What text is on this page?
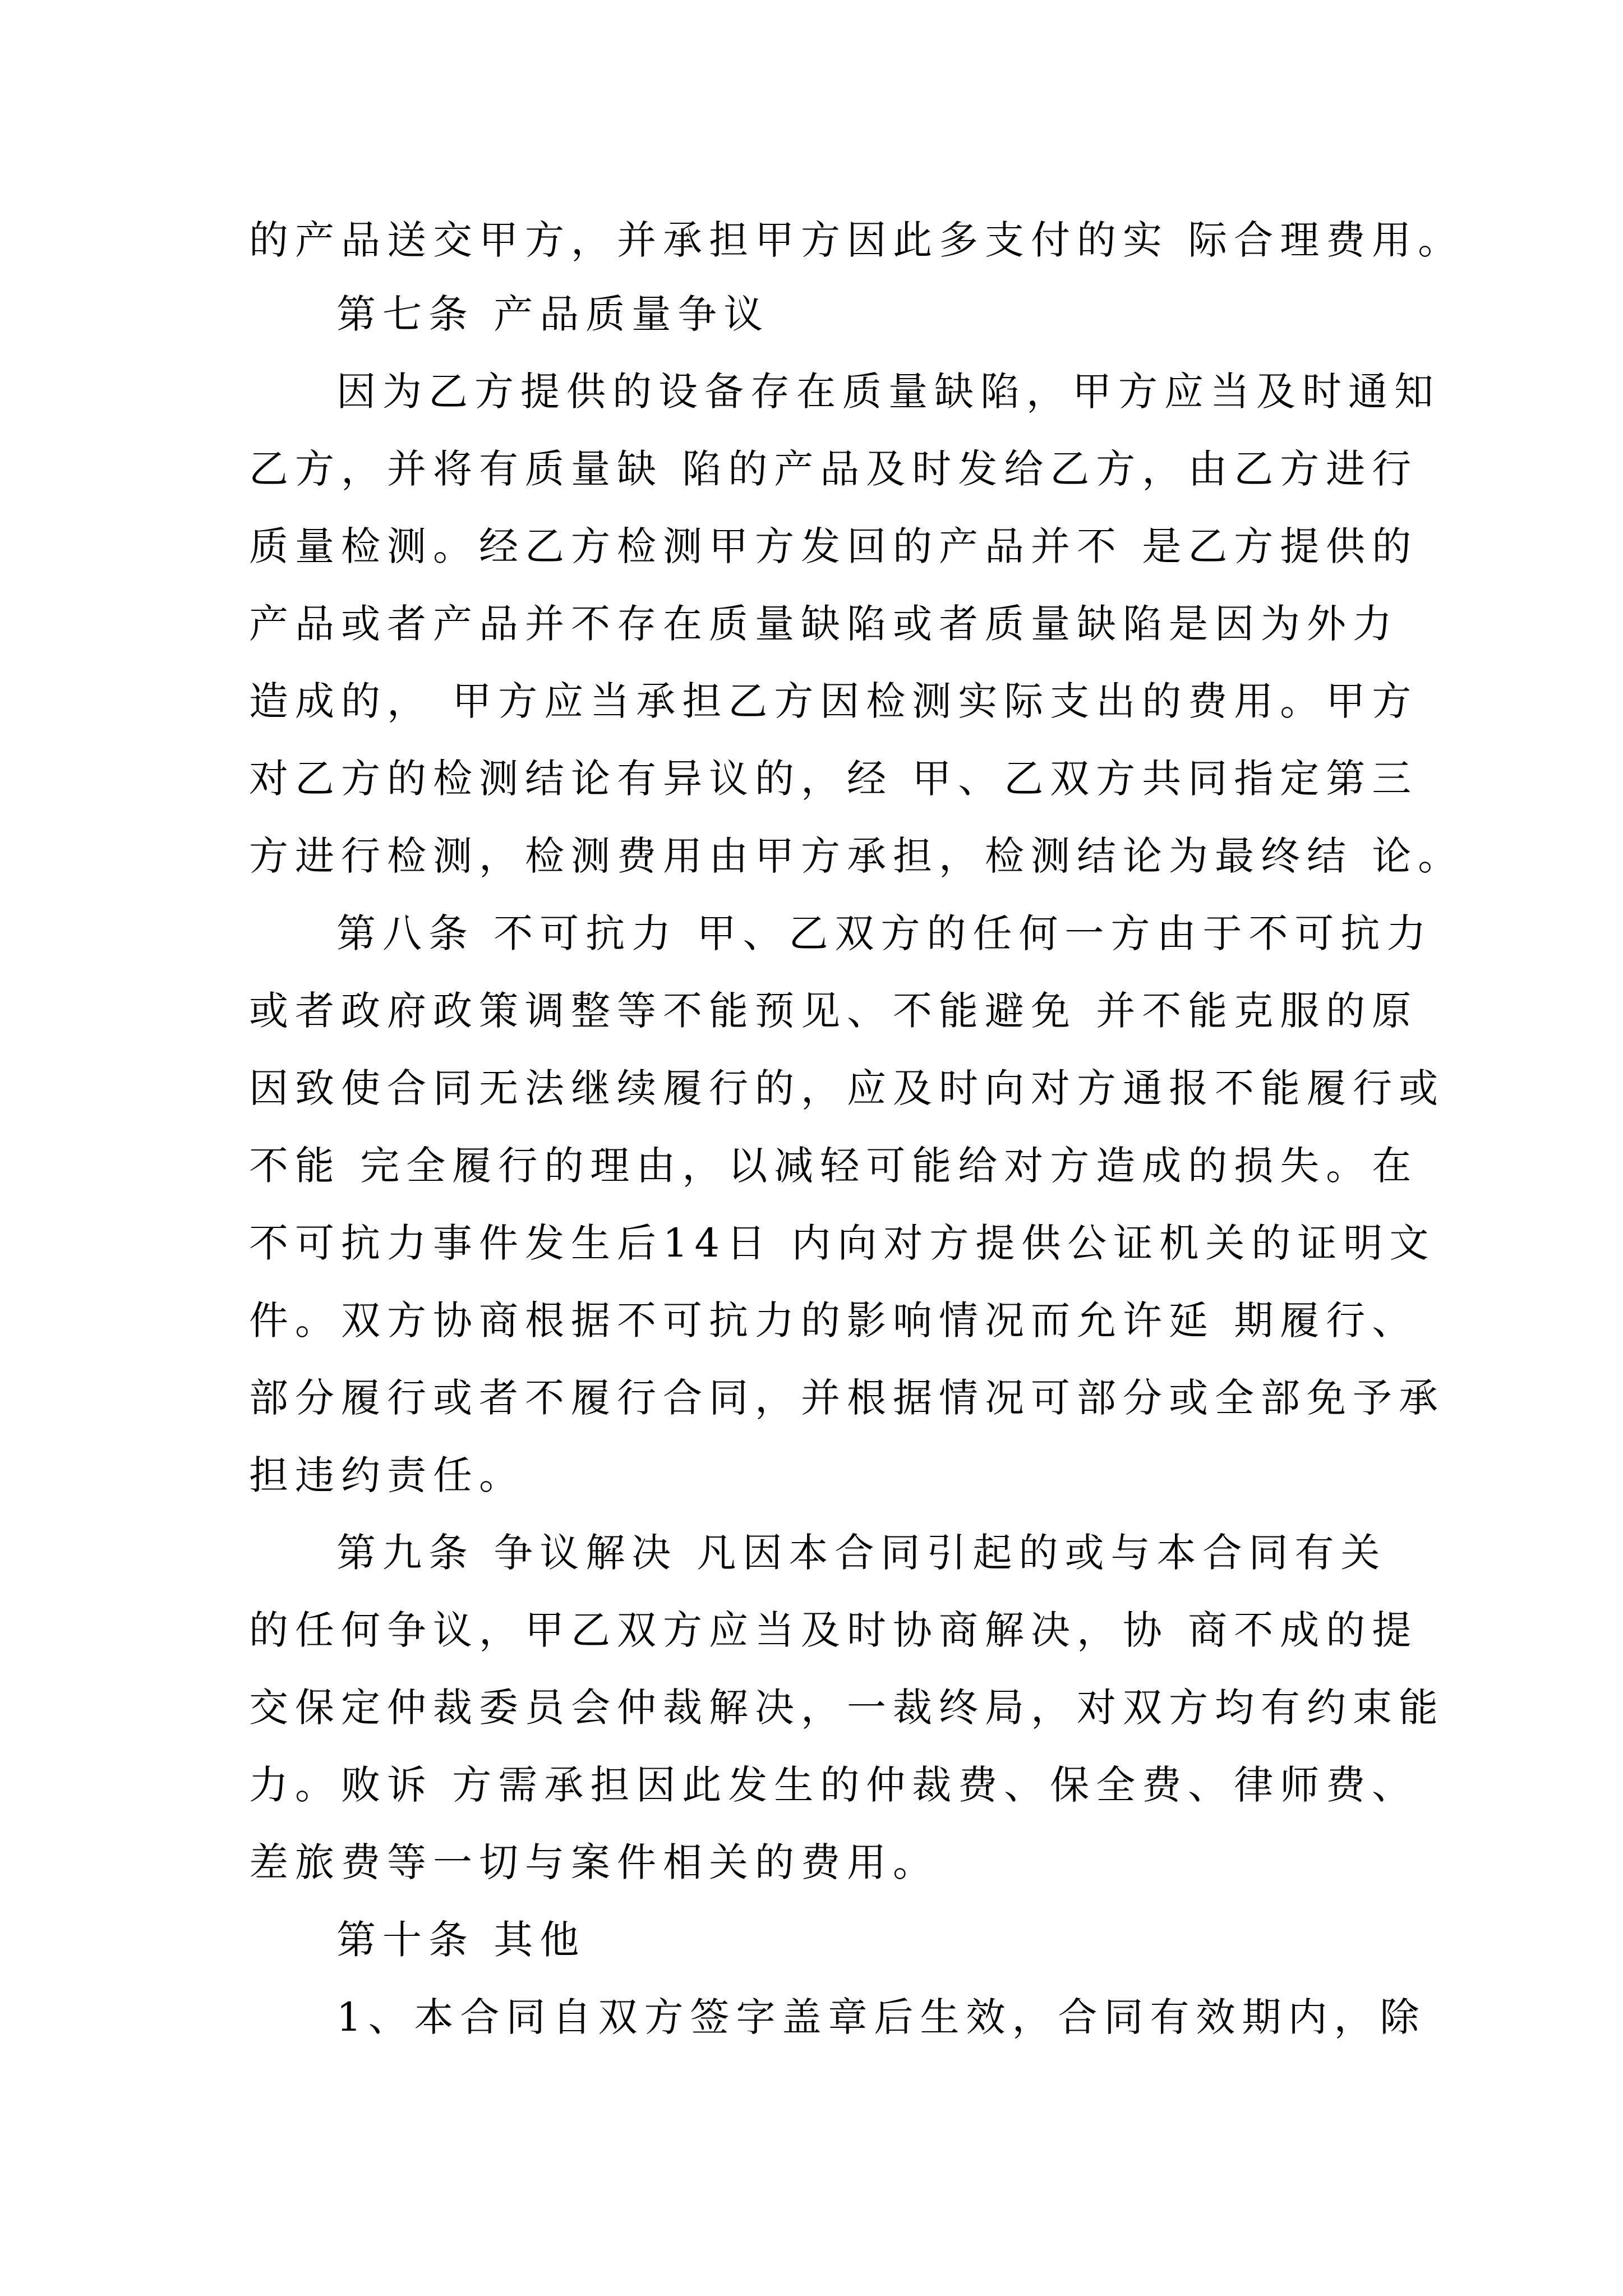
的产品送交甲方，并承担甲方因此多支付的实 际合理费用。
第七条 产品质量争议
因为乙方提供的设备存在质量缺陷，甲方应当及时通知
乙方，并将有质量缺 陷的产品及时发给乙方，由乙方进行
质量检测。经乙方检测甲方发回的产品并不 是乙方提供的
产品或者产品并不存在质量缺陷或者质量缺陷是因为外力
造成的， 甲方应当承担乙方因检测实际支出的费用。甲方
对乙方的检测结论有异议的，经 甲、乙双方共同指定第三
方进行检测，检测费用由甲方承担，检测结论为最终结 论。
第八条 不可抗力 甲、乙双方的任何一方由于不可抗力
或者政府政策调整等不能预见、不能避免 并不能克服的原
因致使合同无法继续履行的，应及时向对方通报不能履行或
不能 完全履行的理由，以减轻可能给对方造成的损失。在
不可抗力事件发生后14日 内向对方提供公证机关的证明文
件。双方协商根据不可抗力的影响情况而允许延 期履行、
部分履行或者不履行合同，并根据情况可部分或全部免予承
担违约责任。
第九条 争议解决 凡因本合同引起的或与本合同有关
的任何争议，甲乙双方应当及时协商解决，协 商不成的提
交保定仲裁委员会仲裁解决，一裁终局，对双方均有约束能
力。败诉 方需承担因此发生的仲裁费、保全费、律师费、
差旅费等一切与案件相关的费用。
第十条 其他
1、本合同自双方签字盖章后生效，合同有效期内，除
